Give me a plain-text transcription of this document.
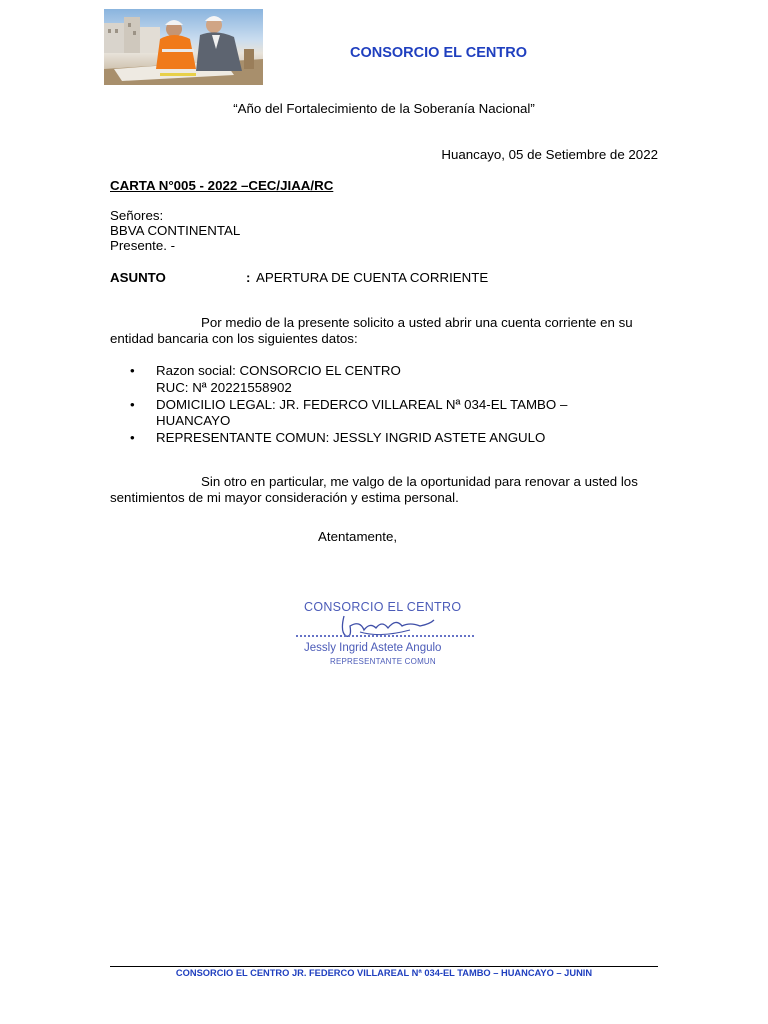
CONSORCIO EL CENTRO
“Año del Fortalecimiento de la Soberanía Nacional”
Huancayo, 05 de Setiembre de 2022
CARTA N°005 - 2022 –CEC/JIAA/RC
Señores:
BBVA CONTINENTAL
Presente. -
ASUNTO	: APERTURA DE CUENTA CORRIENTE
Por medio de la presente solicito a usted abrir una cuenta corriente en su entidad bancaria con los siguientes datos:
• Razon social: CONSORCIO EL CENTRO
RUC: Nª 20221558902
• DOMICILIO LEGAL: JR. FEDERCO VILLAREAL Nª 034-EL TAMBO –
HUANCAYO
• REPRESENTANTE COMUN: JESSLY INGRID ASTETE ANGULO
Sin otro en particular, me valgo de la oportunidad para renovar a usted los sentimientos de mi mayor consideración y estima personal.
Atentamente,
CONSORCIO EL CENTRO
Jessly Ingrid Astete Angulo
REPRESENTANTE COMUN
CONSORCIO EL CENTRO JR. FEDERCO VILLAREAL Nª 034-EL TAMBO – HUANCAYO – JUNIN
